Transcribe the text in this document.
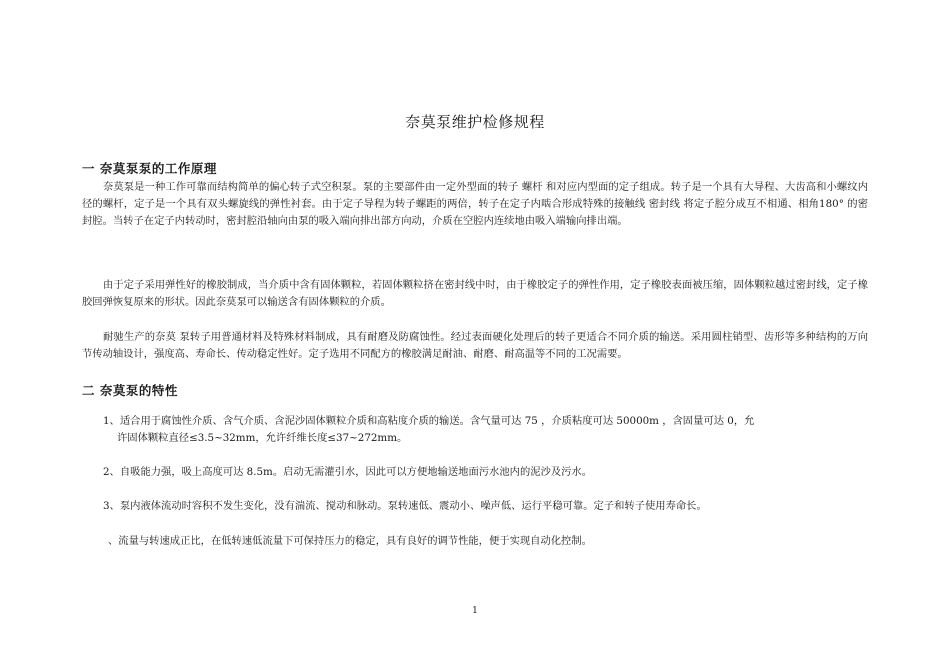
奈莫泵维护检修规程
一 奈莫泵泵的工作原理
奈莫泵是一种工作可靠而结构简单的偏心转子式空积泵。泵的主要部件由一定外型面的转子 螺杆 和对应内型面的定子组成。转子是一个具有大导程、大齿高和小螺纹内径的螺杆，定子是一个具有双头螺旋线的弹性衬套。由于定子导程为转子螺距的两倍，转子在定子内啮合形成特殊的接触线 密封线 将定子腔分成互不相通、相角180° 的密封腔。当转子在定子内转动时，密封腔沿轴向由泵的吸入端向排出部方向动，介质在空腔内连续地由吸入端输向排出端。
由于定子采用弹性好的橡胶制成，当介质中含有固体颗粒，若固体颗粒挤在密封线中时，由于橡胶定子的弹性作用，定子橡胶表面被压缩，固体颗粒越过密封线，定子橡胶回弹恢复原来的形状。因此奈莫泵可以输送含有固体颗粒的介质。
耐驰生产的奈莫 泵转子用普通材料及特殊材料制成，具有耐磨及防腐蚀性。经过表面硬化处理后的转子更适合不同介质的输送。采用圆柱销型、齿形等多种结构的万向节传动轴设计，强度高、寿命长、传动稳定性好。定子选用不同配方的橡胶满足耐油、耐磨、耐高温等不同的工况需要。
二 奈莫泵的特性
1、适合用于腐蚀性介质、含气介质、含泥沙固体颗粒介质和高粘度介质的输送。含气量可达 75 ，介质粘度可达 50000m ，含固量可达 0，允
许固体颗粒直径≤3.5~32mm，允许纤维长度≤37~272mm。
2、自吸能力强，吸上高度可达 8.5m。启动无需灌引水，因此可以方便地输送地面污水池内的泥沙及污水。
3、泵内液体流动时容积不发生变化，没有湍流、搅动和脉动。泵转速低、震动小、噪声低、运行平稳可靠。定子和转子使用寿命长。
、流量与转速成正比，在低转速低流量下可保持压力的稳定，具有良好的调节性能，便于实现自动化控制。
1
